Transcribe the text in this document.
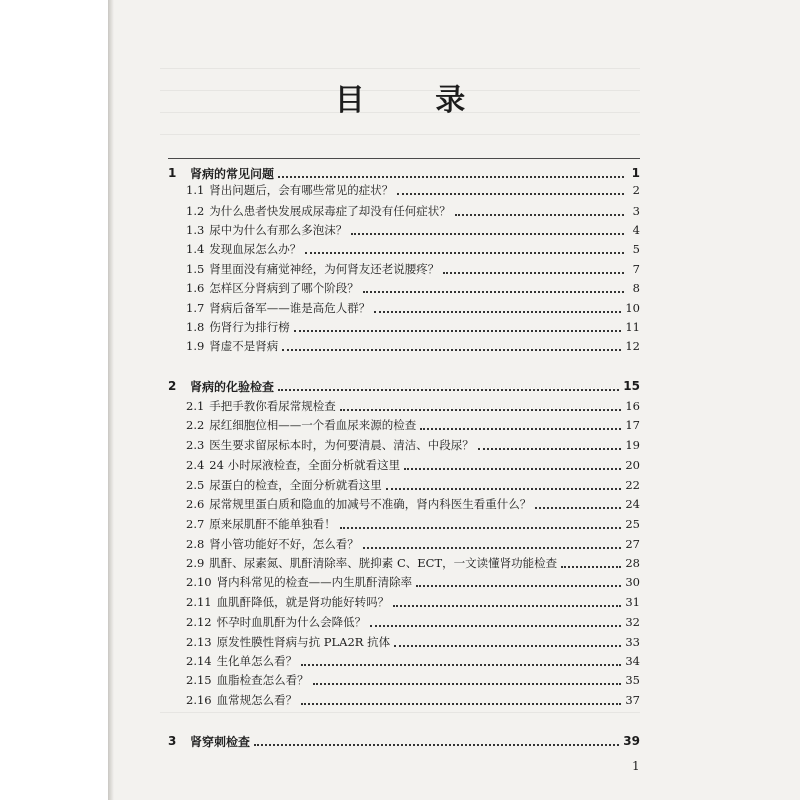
目 录
1	肾病的常见问题	1
1.1 肾出问题后，会有哪些常见的症状？	2
1.2 为什么患者快发展成尿毒症了却没有任何症状？	3
1.3 尿中为什么有那么多泡沫？	4
1.4 发现血尿怎么办？	5
1.5 肾里面没有痛觉神经，为何肾友还老说腰疼？	7
1.6 怎样区分肾病到了哪个阶段？	8
1.7 肾病后备军——谁是高危人群？	10
1.8 伤肾行为排行榜	11
1.9 肾虚不是肾病	12
2	肾病的化验检查	15
2.1 手把手教你看尿常规检查	16
2.2 尿红细胞位相——一个看血尿来源的检查	17
2.3 医生要求留尿标本时，为何要清晨、清洁、中段尿？	19
2.4 24 小时尿液检查，全面分析就看这里	20
2.5 尿蛋白的检查，全面分析就看这里	22
2.6 尿常规里蛋白质和隐血的加减号不准确，肾内科医生看重什么？	24
2.7 原来尿肌酐不能单独看！	25
2.8 肾小管功能好不好，怎么看？	27
2.9 肌酐、尿素氮、肌酐清除率、胱抑素 C、ECT，一文读懂肾功能检查	28
2.10 肾内科常见的检查——内生肌酐清除率	30
2.11 血肌酐降低，就是肾功能好转吗？	31
2.12 怀孕时血肌酐为什么会降低？	32
2.13 原发性膜性肾病与抗 PLA2R 抗体	33
2.14 生化单怎么看？	34
2.15 血脂检查怎么看？	35
2.16 血常规怎么看？	37
3	肾穿刺检查	39
1
